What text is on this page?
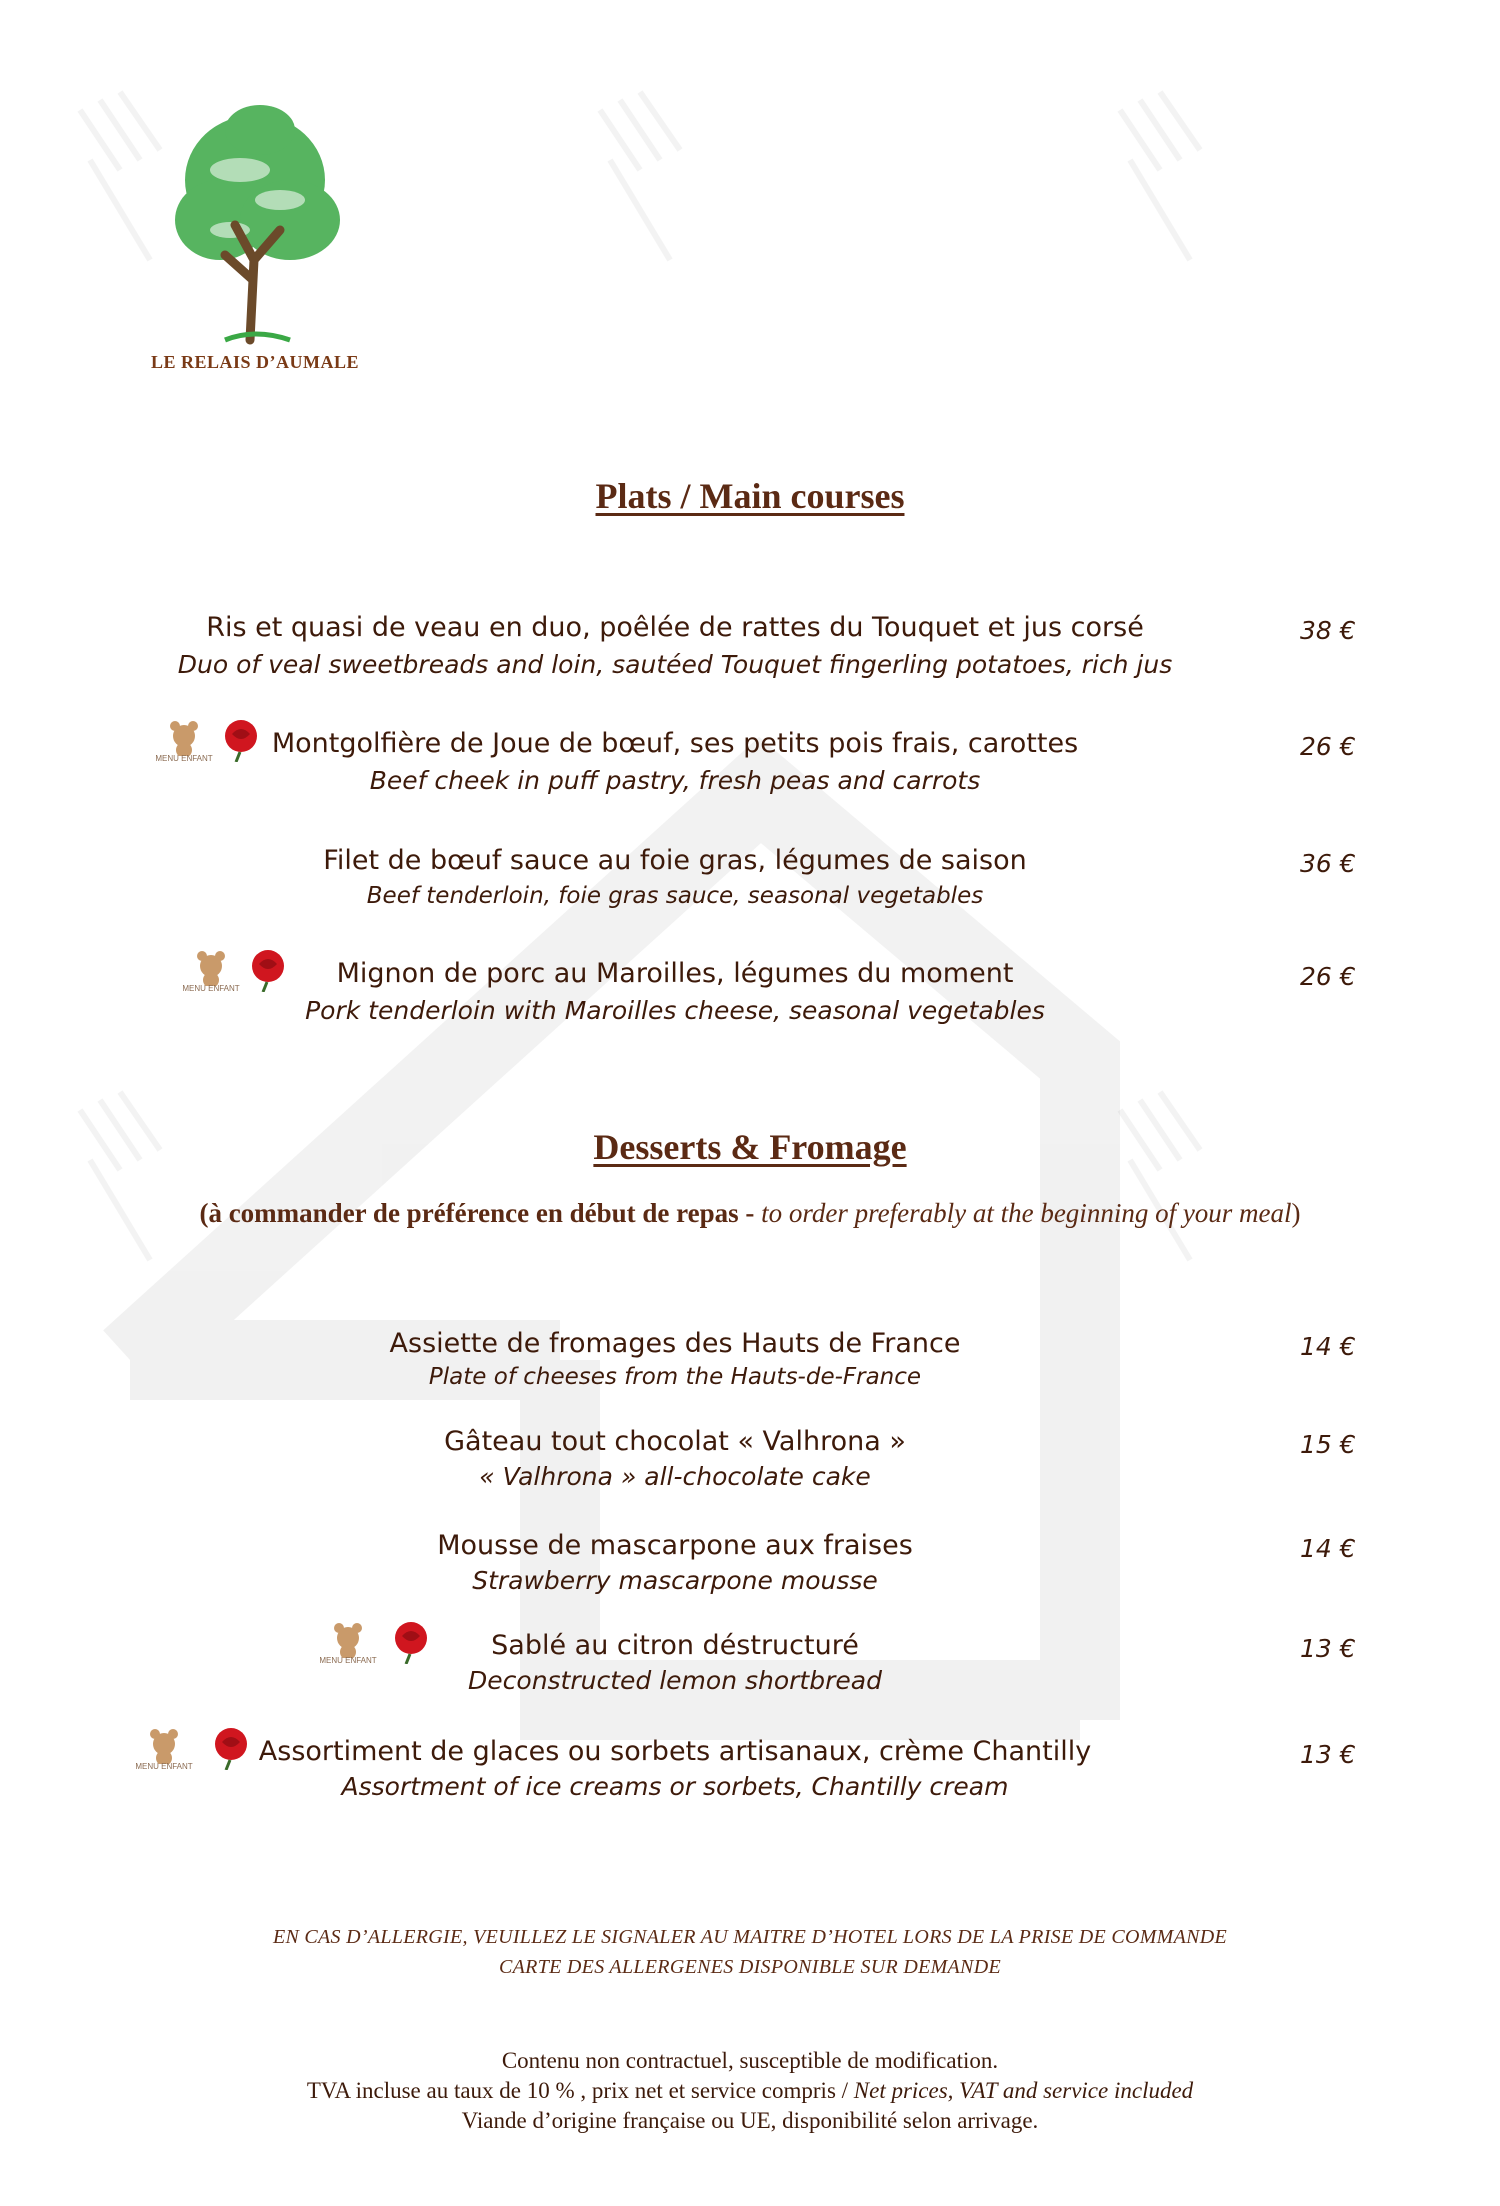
LE RELAIS D’AUMALE
Plats / Main courses
Ris et quasi de veau en duo, poêlée de rattes du Touquet et jus corsé
Duo of veal sweetbreads and loin, sautéed Touquet fingerling potatoes, rich jus
38 €
MENU ENFANT	Montgolfière de Joue de bœuf, ses petits pois frais, carottes
Beef cheek in puff pastry, fresh peas and carrots
26 €
Filet de bœuf sauce au foie gras, légumes de saison
Beef tenderloin, foie gras sauce, seasonal vegetables
36 €
MENU ENFANT	Mignon de porc au Maroilles, légumes du moment
Pork tenderloin with Maroilles cheese, seasonal vegetables
26 €
Desserts & Fromage
(à commander de préférence en début de repas - to order preferably at the beginning of your meal)
Assiette de fromages des Hauts de France
Plate of cheeses from the Hauts-de-France
14 €
Gâteau tout chocolat « Valhrona »
« Valhrona » all-chocolate cake
15 €
Mousse de mascarpone aux fraises
Strawberry mascarpone mousse
14 €
MENU ENFANT	Sablé au citron déstructuré
Deconstructed lemon shortbread
13 €
MENU ENFANT	Assortiment de glaces ou sorbets artisanaux, crème Chantilly
Assortment of ice creams or sorbets, Chantilly cream
13 €
EN CAS D’ALLERGIE, VEUILLEZ LE SIGNALER AU MAITRE D’HOTEL LORS DE LA PRISE DE COMMANDE
CARTE DES ALLERGENES DISPONIBLE SUR DEMANDE
Contenu non contractuel, susceptible de modification.
TVA incluse au taux de 10 % , prix net et service compris / Net prices, VAT and service included
Viande d’origine française ou UE, disponibilité selon arrivage.
